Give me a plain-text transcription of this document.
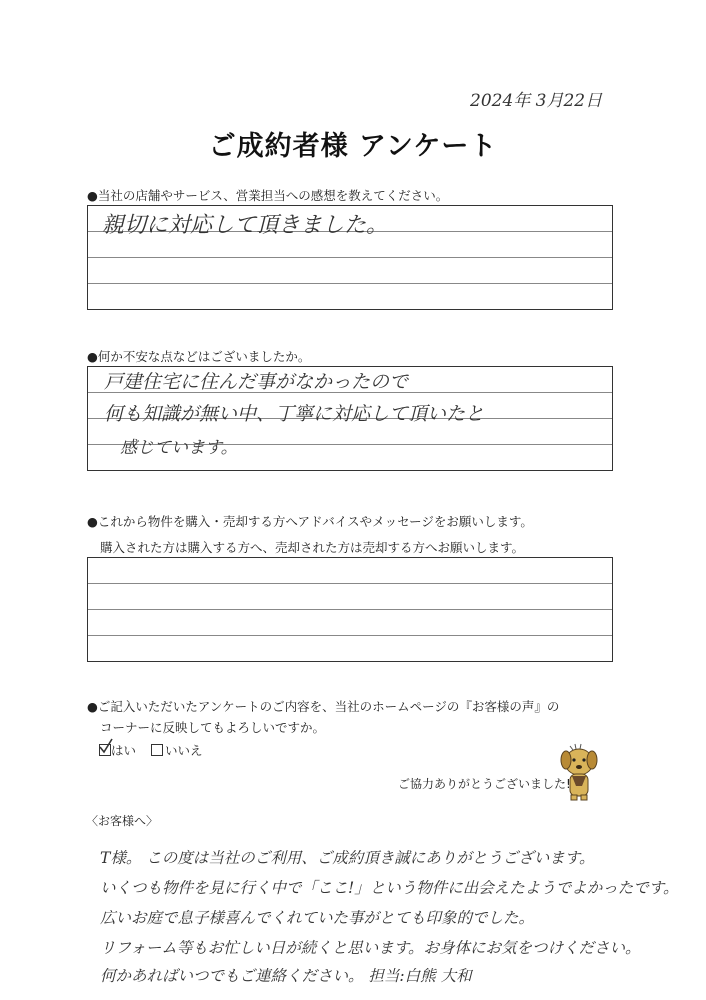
2024年 3月22日
ご成約者様 アンケート
●当社の店舗やサービス、営業担当への感想を教えてください。
親切に対応して頂きました。
●何か不安な点などはございましたか。
戸建住宅に住んだ事がなかったので
何も知識が無い中、丁寧に対応して頂いたと
感じています。
●これから物件を購入・売却する方へアドバイスやメッセージをお願いします。
購入された方は購入する方へ、売却された方は売却する方へお願いします。
●ご記入いただいたアンケートのご内容を、当社のホームページの『お客様の声』の
コーナーに反映してもよろしいですか。
はい	いいえ
ご協力ありがとうございました!
〈お客様へ〉
T様。 この度は当社のご利用、ご成約頂き誠にありがとうございます。
いくつも物件を見に行く中で「ここ!」という物件に出会えたようでよかったです。
広いお庭で息子様喜んでくれていた事がとても印象的でした。
リフォーム等もお忙しい日が続くと思います。お身体にお気をつけください。
何かあればいつでもご連絡ください。 担当:白熊 大和
